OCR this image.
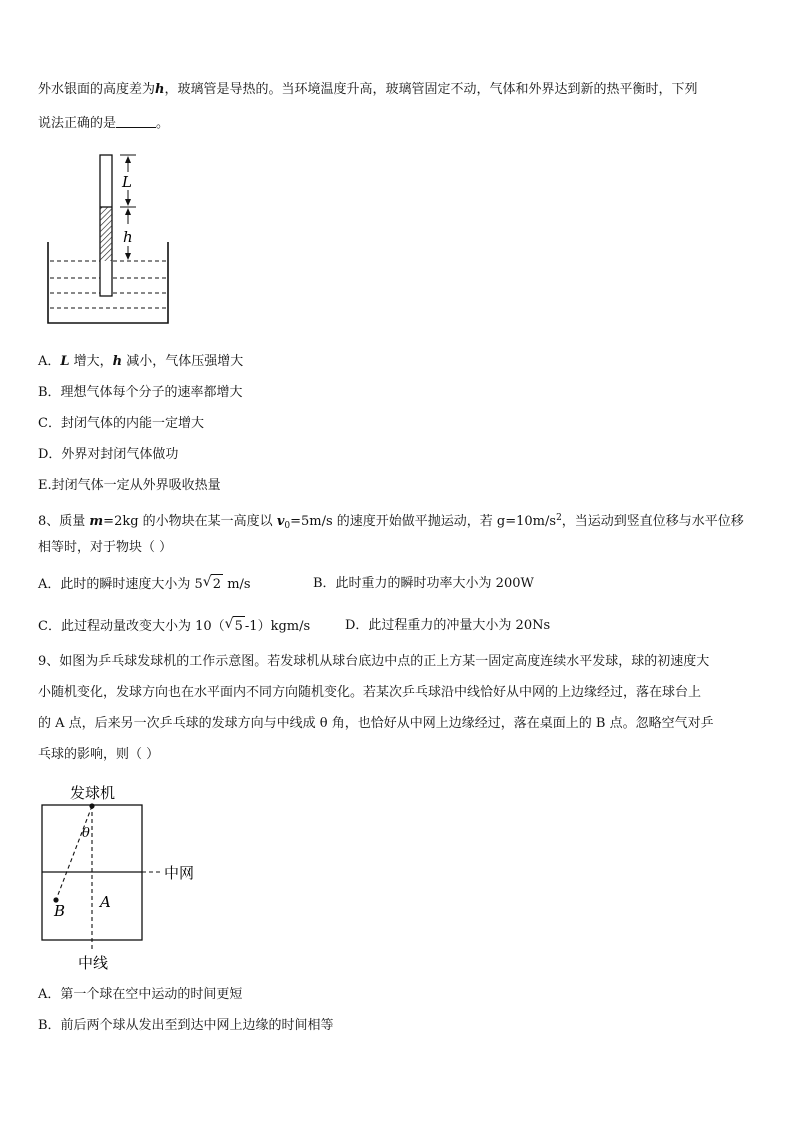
外水银面的高度差为h，玻璃管是导热的。当环境温度升高，玻璃管固定不动，气体和外界达到新的热平衡时，下列
说法正确的是	。
L
h
A．L 增大，h 减小，气体压强增大
B．理想气体每个分子的速率都增大
C．封闭气体的内能一定增大
D．外界对封闭气体做功
E.封闭气体一定从外界吸收热量
8、质量 m=2kg 的小物块在某一高度以 $v_0=5m/s$ 的速度开始做平抛运动，若 $g=10m/s^2$，当运动到竖直位移与水平位移
相等时，对于物块（ ）
A．此时的瞬时速度大小为 5 √ 2 m/s	B．此时重力的瞬时功率大小为 200W
C．此过程动量改变大小为 10（ √ 5 -1）kgm/s	D．此过程重力的冲量大小为 20Ns
9、如图为乒乓球发球机的工作示意图。若发球机从球台底边中点的正上方某一固定高度连续水平发球，球的初速度大
小随机变化，发球方向也在水平面内不同方向随机变化。若某次乒乓球沿中线恰好从中网的上边缘经过，落在球台上
的 A 点，后来另一次乒乓球的发球方向与中线成 θ 角，也恰好从中网上边缘经过，落在桌面上的 B 点。忽略空气对乒
乓球的影响，则（ ）
发球机
中网
θ
B A
中线
A．第一个球在空中运动的时间更短
B．前后两个球从发出至到达中网上边缘的时间相等
